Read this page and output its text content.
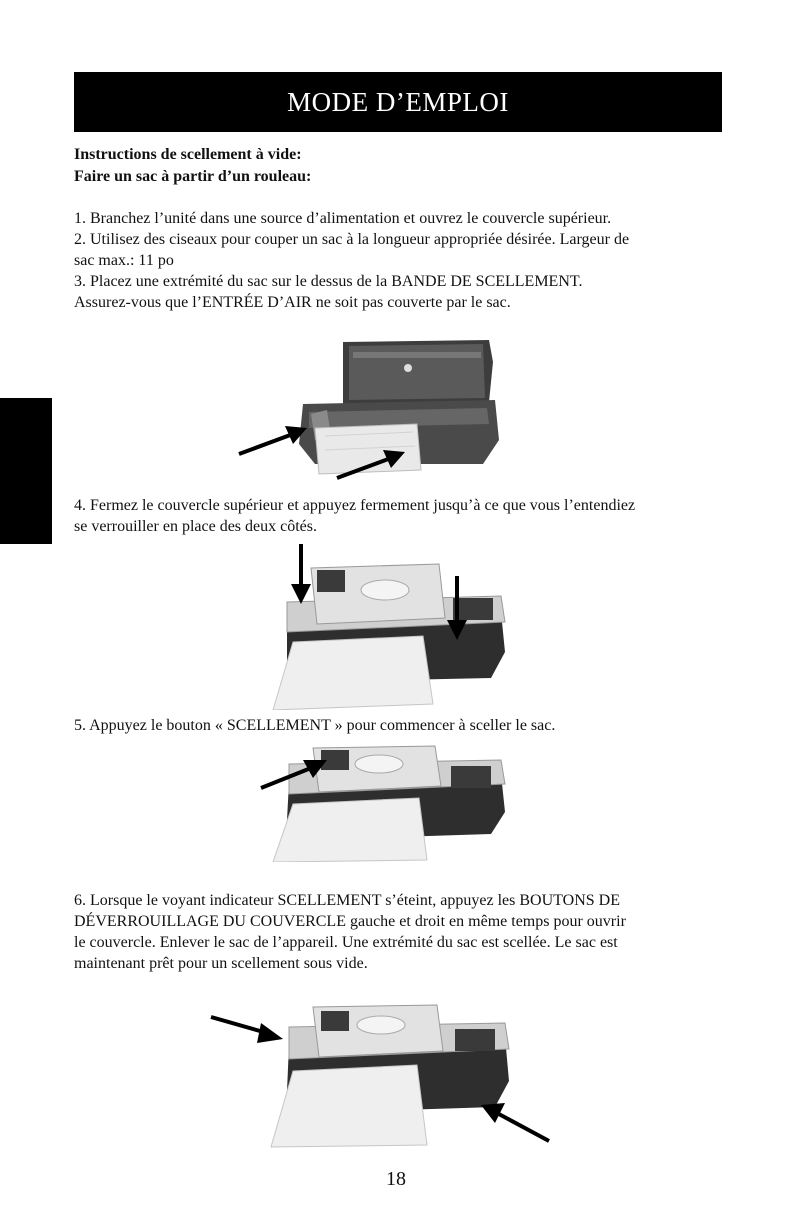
MODE D’EMPLOI
Instructions de scellement à vide:
Faire un sac à partir d’un rouleau:
1. Branchez l’unité dans une source d’alimentation et ouvrez le couvercle supérieur.
2. Utilisez des ciseaux pour couper un sac à la longueur appropriée désirée. Largeur de
sac max.: 11 po
3. Placez une extrémité du sac sur le dessus de la BANDE DE SCELLEMENT.
Assurez-vous que l’ENTRÉE D’AIR ne soit pas couverte par le sac.
4. Fermez le couvercle supérieur et appuyez fermement jusqu’à ce que vous l’entendiez
se verrouiller en place des deux côtés.
5. Appuyez le bouton « SCELLEMENT » pour commencer à sceller le sac.
6. Lorsque le voyant indicateur SCELLEMENT s’éteint, appuyez les BOUTONS DE
DÉVERROUILLAGE DU COUVERCLE gauche et droit en même temps pour ouvrir
le couvercle. Enlever le sac de l’appareil. Une extrémité du sac est scellée. Le sac est
maintenant prêt pour un scellement sous vide.
18
